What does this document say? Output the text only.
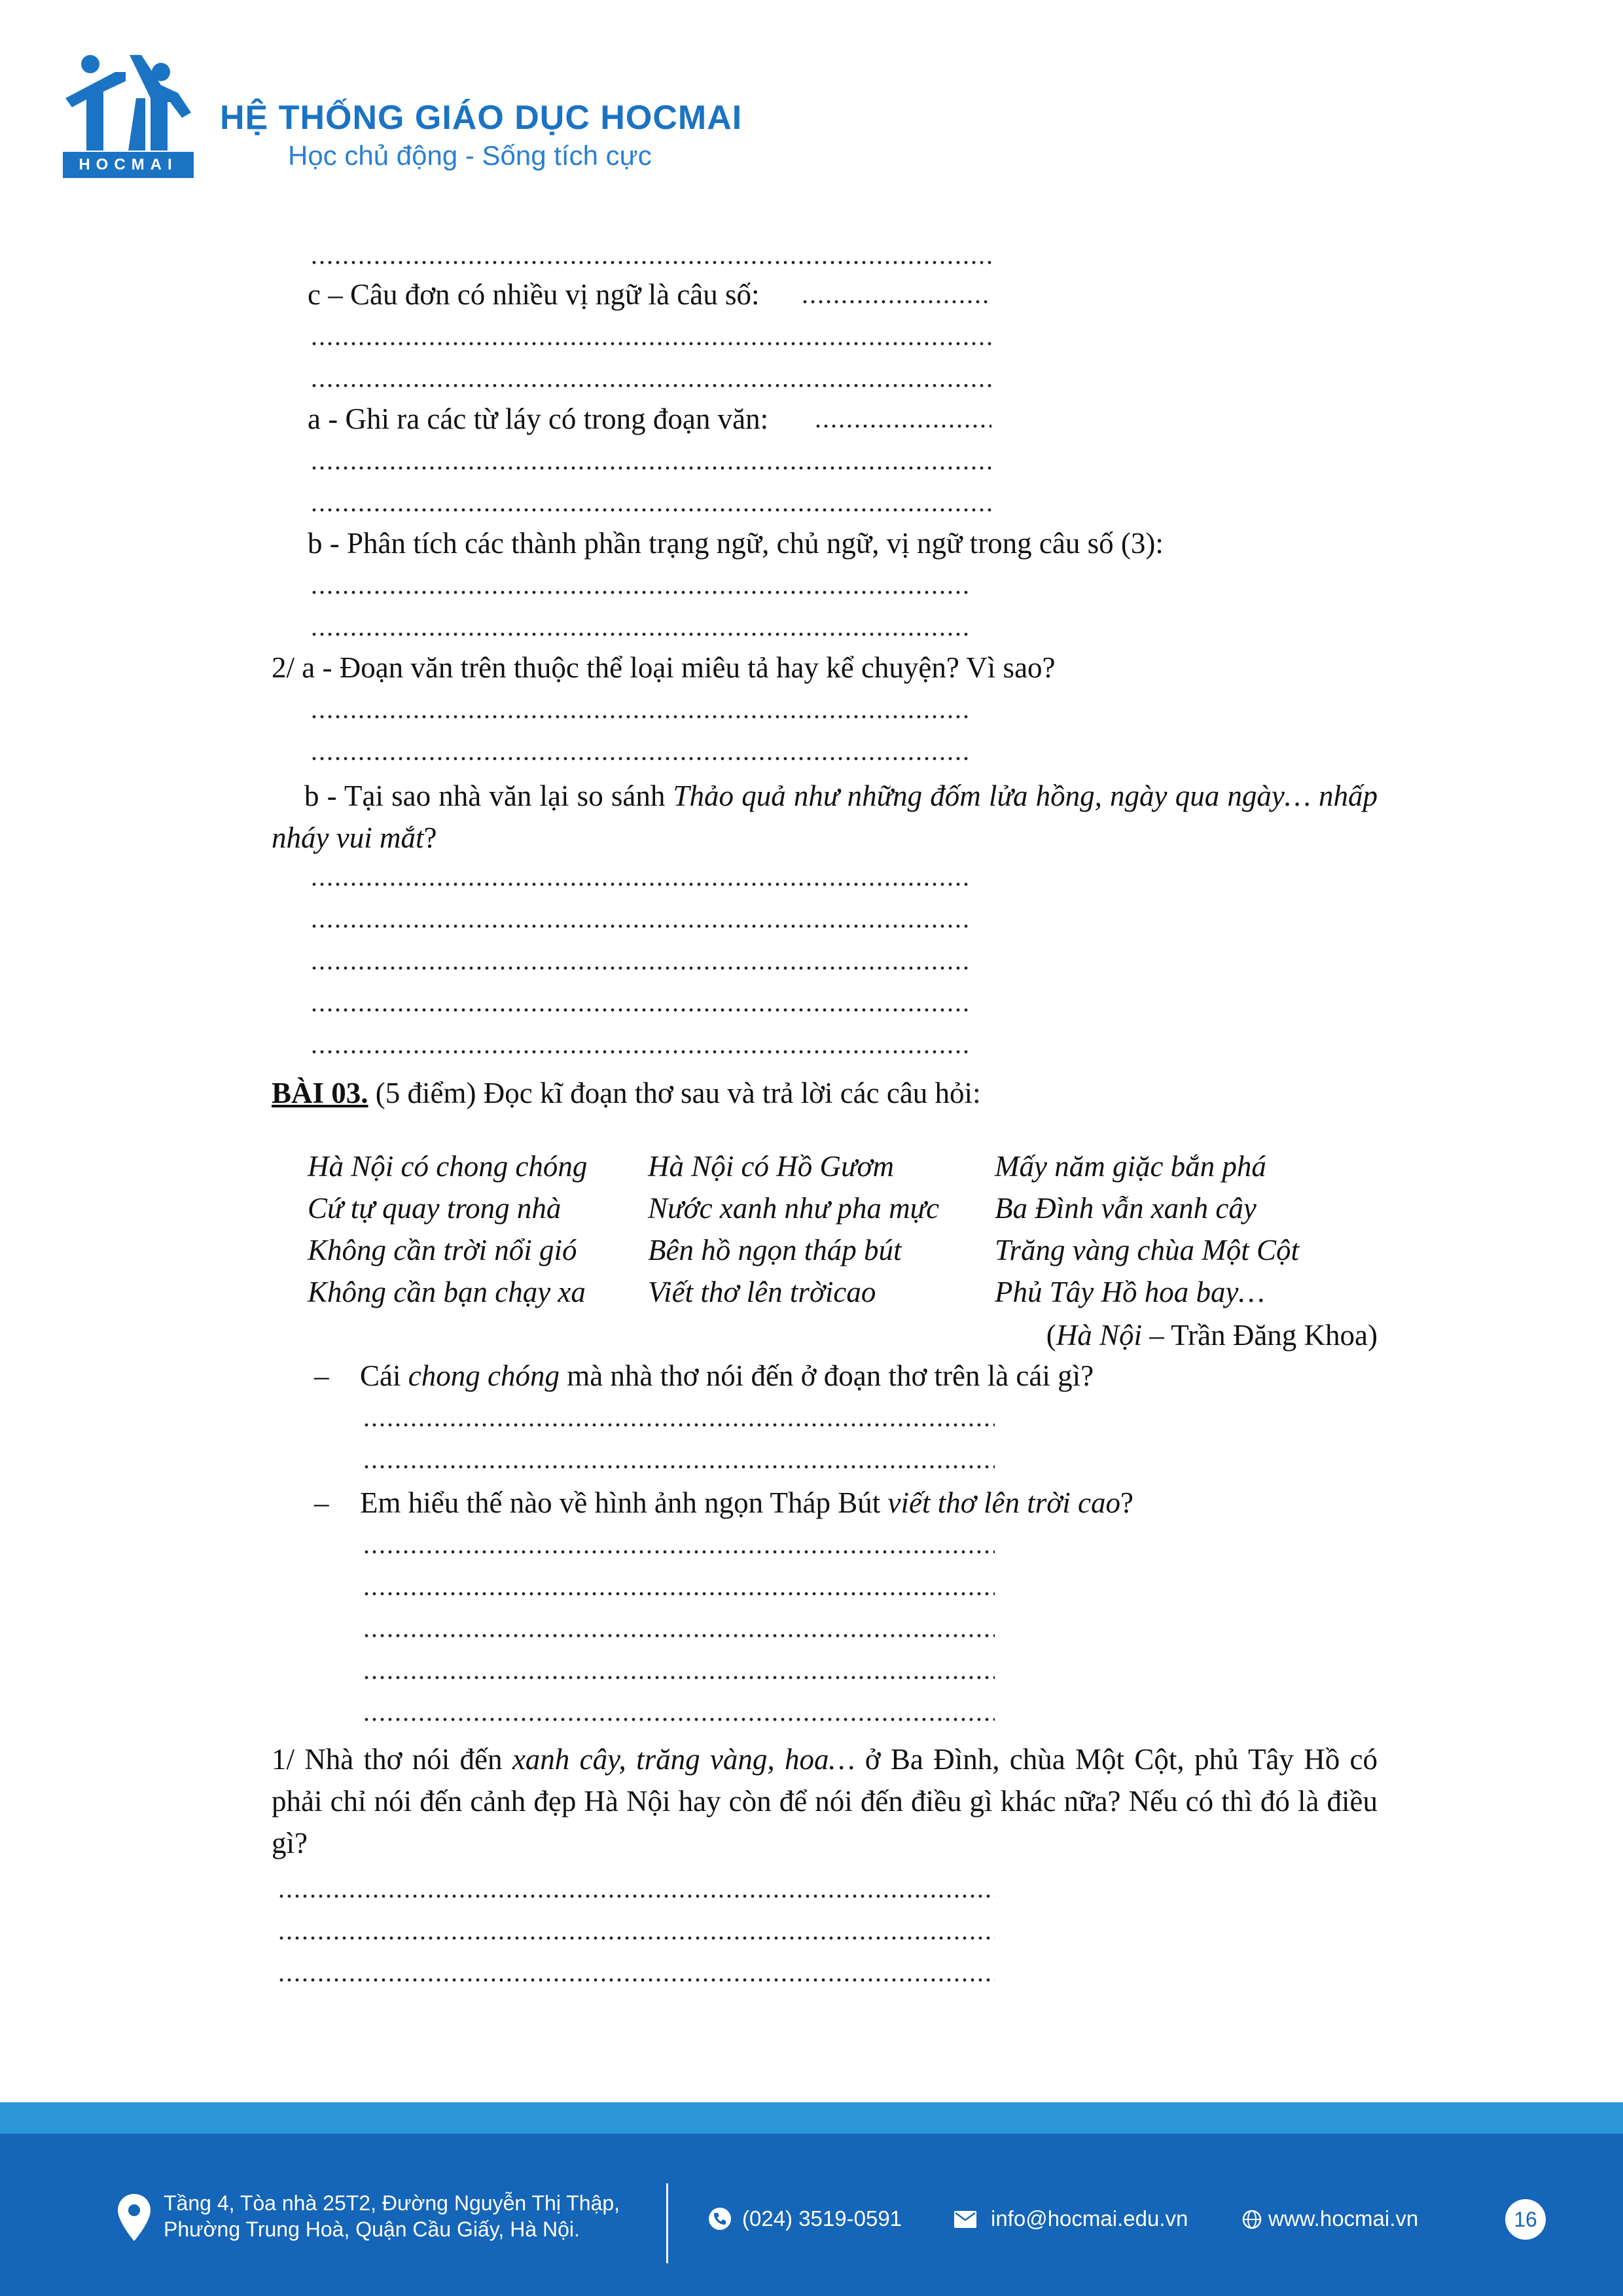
HOCMAI
HỆ THỐNG GIÁO DỤC HOCMAI
Học chủ động - Sống tích cực
.....
c – Câu đơn có nhiều vị ngữ là câu số:
.....
.....
.....
a - Ghi ra các từ láy có trong đoạn văn:
.....
.....
.....
b - Phân tích các thành phần trạng ngữ, chủ ngữ, vị ngữ trong câu số (3):
.....
.....
2/ a - Đoạn văn trên thuộc thể loại miêu tả hay kể chuyện? Vì sao?
.....
.....
b - Tại sao nhà văn lại so sánh Thảo quả như những đốm lửa hồng, ngày qua ngày… nhấp nháy vui mắt?
.....
.....
.....
.....
.....
BÀI 03. (5 điểm) Đọc kĩ đoạn thơ sau và trả lời các câu hỏi:
Hà Nội có chong chóng
Cứ tự quay trong nhà
Không cần trời nổi gió
Không cần bạn chạy xa
Hà Nội có Hồ Gươm
Nước xanh như pha mực
Bên hồ ngọn tháp bút
Viết thơ lên trờicao
Mấy năm giặc bắn phá
Ba Đình vẫn xanh cây
Trăng vàng chùa Một Cột
Phủ Tây Hồ hoa bay…
(Hà Nội – Trần Đăng Khoa)
– Cái chong chóng mà nhà thơ nói đến ở đoạn thơ trên là cái gì?
.....
.....
– Em hiểu thế nào về hình ảnh ngọn Tháp Bút viết thơ lên trời cao?
.....
.....
.....
.....
.....
1/ Nhà thơ nói đến xanh cây, trăng vàng, hoa… ở Ba Đình, chùa Một Cột, phủ Tây Hồ có phải chỉ nói đến cảnh đẹp Hà Nội hay còn để nói đến điều gì khác nữa? Nếu có thì đó là điều gì?
.....
.....
.....
Tầng 4, Tòa nhà 25T2, Đường Nguyễn Thị Thập,
Phường Trung Hoà, Quận Cầu Giấy, Hà Nội.	(024) 3519-0591	info@hocmai.edu.vn	www.hocmai.vn	16
